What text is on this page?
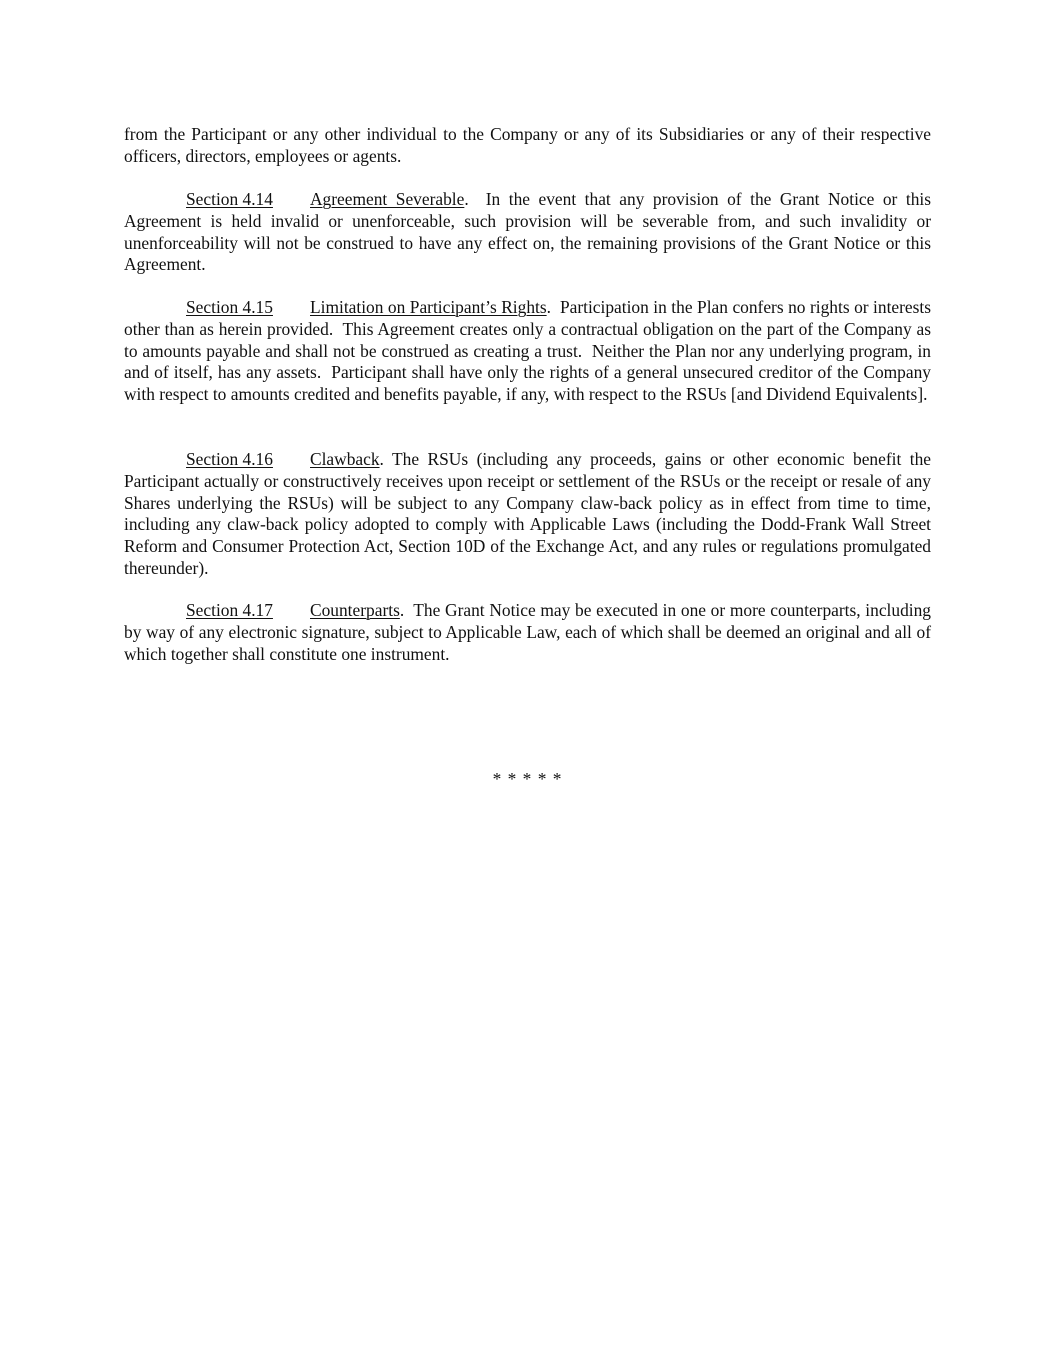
from the Participant or any other individual to the Company or any of its Subsidiaries or any of their respective officers, directors, employees or agents.

Section 4.14 Agreement Severable.  In the event that any provision of the Grant Notice or this Agreement is held invalid or unenforceable, such provision will be severable from, and such invalidity or unenforceability will not be construed to have any effect on, the remaining provisions of the Grant Notice or this Agreement.

Section 4.15 Limitation on Participant’s Rights.  Participation in the Plan confers no rights or interests other than as herein provided.  This Agreement creates only a contractual obligation on the part of the Company as to amounts payable and shall not be construed as creating a trust.  Neither the Plan nor any underlying program, in and of itself, has any assets.  Participant shall have only the rights of a general unsecured creditor of the Company with respect to amounts credited and benefits payable, if any, with respect to the RSUs [and Dividend Equivalents].

Section 4.16 Clawback. The RSUs (including any proceeds, gains or other economic benefit the Participant actually or constructively receives upon receipt or settlement of the RSUs or the receipt or resale of any Shares underlying the RSUs) will be subject to any Company claw-back policy as in effect from time to time, including any claw-back policy adopted to comply with Applicable Laws (including the Dodd-Frank Wall Street Reform and Consumer Protection Act, Section 10D of the Exchange Act, and any rules or regulations promulgated thereunder).

Section 4.17 Counterparts.  The Grant Notice may be executed in one or more counterparts, including by way of any electronic signature, subject to Applicable Law, each of which shall be deemed an original and all of which together shall constitute one instrument.

* * * * *
